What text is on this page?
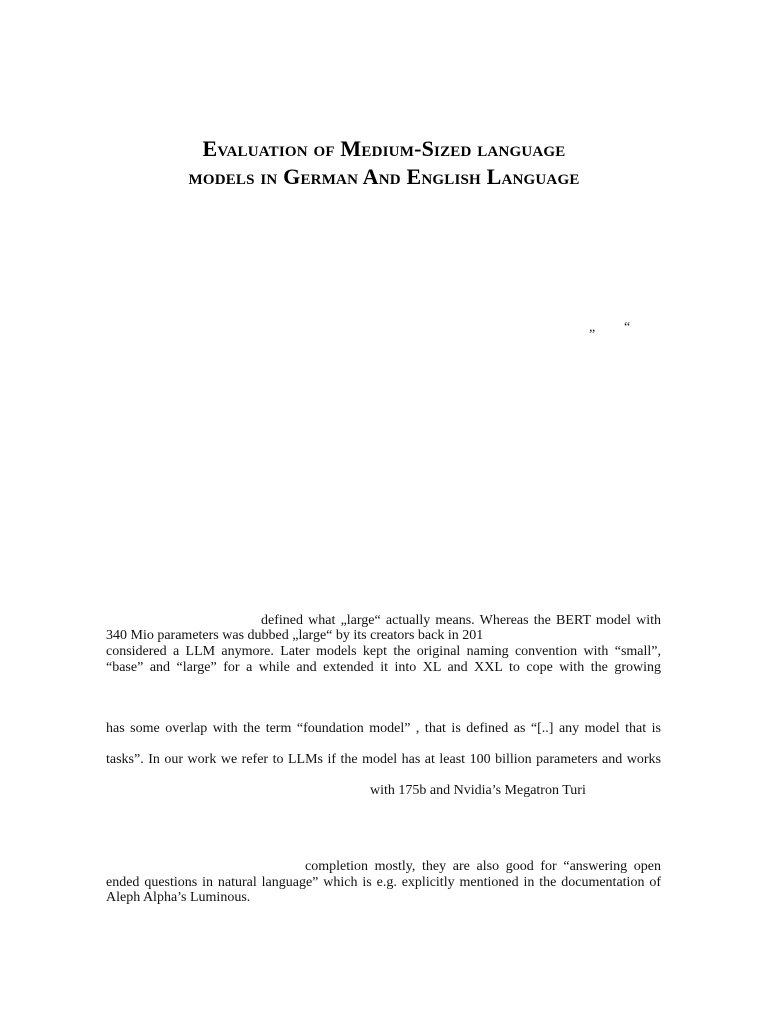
Evaluation of Medium-Sized language
models in German And English Language
„ “
defined what „large“ actually means. Whereas the BERT model with
340 Mio parameters was dubbed „large“ by its creators back in 201
considered a LLM anymore. Later models kept the original naming convention with “small”,
“base” and “large” for a while and extended it into XL and XXL to cope with the growing
has some overlap with the term “foundation model” , that is defined as “[..] any model that is
tasks”. In our work we refer to LLMs if the model has at least 100 billion parameters and works
with 175b and Nvidia’s Megatron Turi
completion mostly, they are also good for “answering open
ended questions in natural language” which is e.g. explicitly mentioned in the documentation of
Aleph Alpha’s Luminous.
